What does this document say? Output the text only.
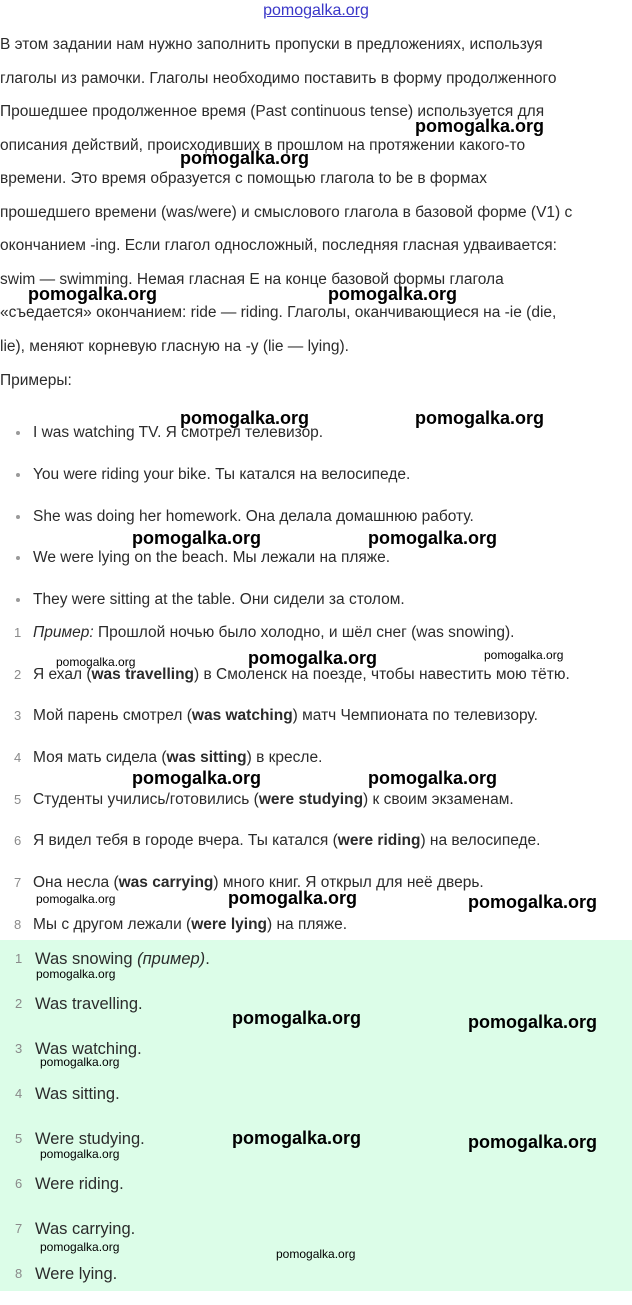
pomogalka.org
В этом задании нам нужно заполнить пропуски в предложениях, используя
глаголы из рамочки. Глаголы необходимо поставить в форму продолженного
Прошедшее продолженное время (Past continuous tense) используется для
описания действий, происходивших в прошлом на протяжении какого-то
времени. Это время образуется с помощью глагола to be в формах
прошедшего времени (was/were) и смыслового глагола в базовой форме (V1) с
окончанием -ing. Если глагол односложный, последняя гласная удваивается:
swim — swimming. Немая гласная E на конце базовой формы глагола
«съедается» окончанием: ride — riding. Глаголы, оканчивающиеся на -ie (die,
lie), меняют корневую гласную на -y (lie — lying).
Примеры:
I was watching TV. Я смотрел телевизор.
You were riding your bike. Ты катался на велосипеде.
She was doing her homework. Она делала домашнюю работу.
We were lying on the beach. Мы лежали на пляже.
They were sitting at the table. Они сидели за столом.
1 Пример: Прошлой ночью было холодно, и шёл снег (was snowing).
2 Я ехал (was travelling) в Смоленск на поезде, чтобы навестить мою тётю.
3 Мой парень смотрел (was watching) матч Чемпионата по телевизору.
4 Моя мать сидела (was sitting) в кресле.
5 Студенты учились/готовились (were studying) к своим экзаменам.
6 Я видел тебя в городе вчера. Ты катался (were riding) на велосипеде.
7 Она несла (was carrying) много книг. Я открыл для неё дверь.
8 Мы с другом лежали (were lying) на пляже.
1 Was snowing (пример).
2 Was travelling.
3 Was watching.
4 Was sitting.
5 Were studying.
6 Were riding.
7 Was carrying.
8 Were lying.
pomogalka.org
pomogalka.org
pomogalka.org	pomogalka.org
pomogalka.org	pomogalka.org
pomogalka.org	pomogalka.org
pomogalka.org	pomogalka.org	pomogalka.org
pomogalka.org	pomogalka.org
pomogalka.org	pomogalka.org	pomogalka.org
pomogalka.org
pomogalka.org	pomogalka.org
pomogalka.org
pomogalka.org	pomogalka.org
pomogalka.org
pomogalka.org	pomogalka.org
